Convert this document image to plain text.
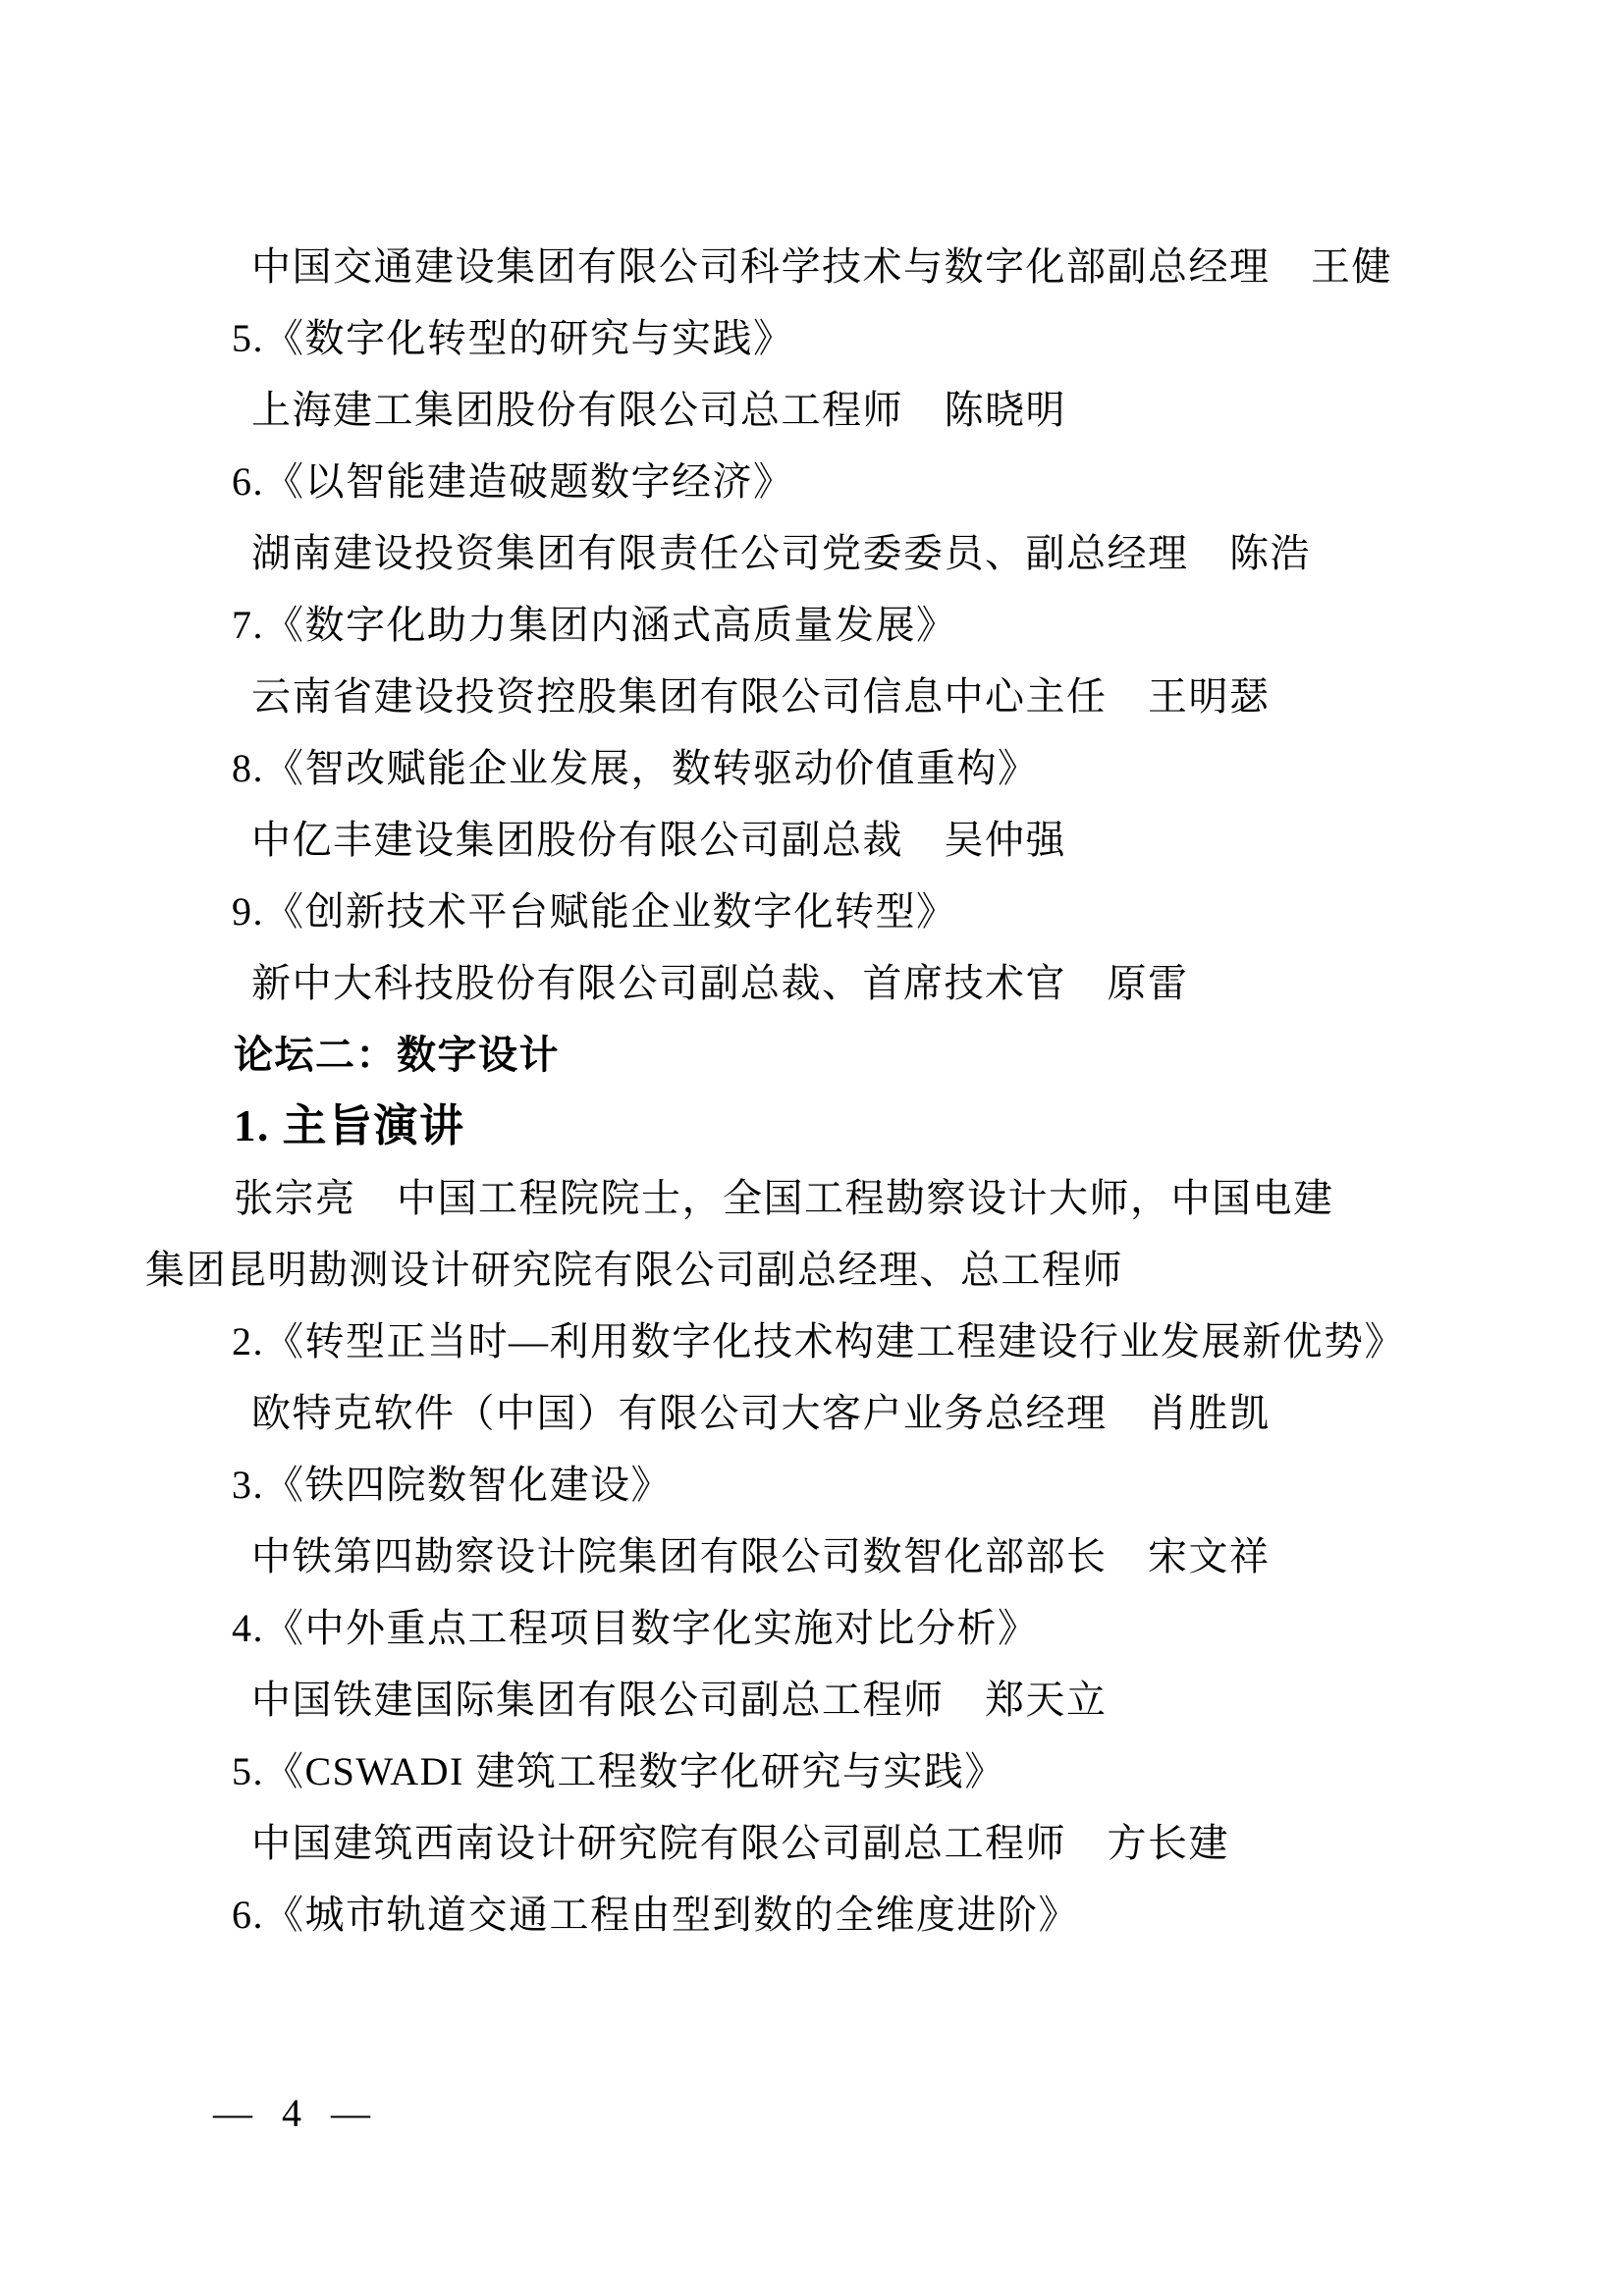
中国交通建设集团有限公司科学技术与数字化部副总经理　王健
5.《数字化转型的研究与实践》
上海建工集团股份有限公司总工程师　陈晓明
6.《以智能建造破题数字经济》
湖南建设投资集团有限责任公司党委委员、副总经理　陈浩
7.《数字化助力集团内涵式高质量发展》
云南省建设投资控股集团有限公司信息中心主任　王明瑟
8.《智改赋能企业发展，数转驱动价值重构》
中亿丰建设集团股份有限公司副总裁　吴仲强
9.《创新技术平台赋能企业数字化转型》
新中大科技股份有限公司副总裁、首席技术官　原雷
论坛二：数字设计
1. 主旨演讲
张宗亮　中国工程院院士，全国工程勘察设计大师，中国电建
集团昆明勘测设计研究院有限公司副总经理、总工程师
2.《转型正当时—利用数字化技术构建工程建设行业发展新优势》
欧特克软件（中国）有限公司大客户业务总经理　肖胜凯
3.《铁四院数智化建设》
中铁第四勘察设计院集团有限公司数智化部部长　宋文祥
4.《中外重点工程项目数字化实施对比分析》
中国铁建国际集团有限公司副总工程师　郑天立
5.《CSWADI 建筑工程数字化研究与实践》
中国建筑西南设计研究院有限公司副总工程师　方长建
6.《城市轨道交通工程由型到数的全维度进阶》

— 4 —
